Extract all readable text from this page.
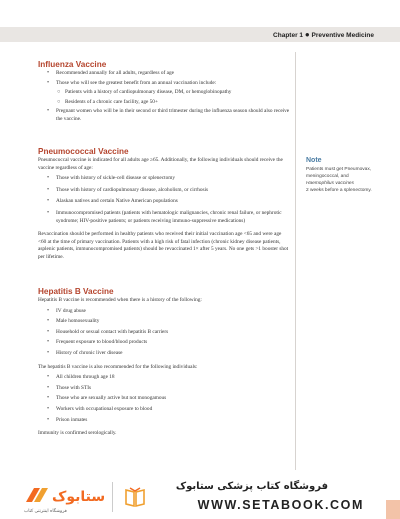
Chapter 1 ● Preventive Medicine
Influenza Vaccine
• Recommended annually for all adults, regardless of age
• Those who will see the greatest benefit from an annual vaccination include:
○ Patients with a history of cardiopulmonary disease, DM, or hemoglobinopathy
○ Residents of a chronic care facility, age 50+
• Pregnant women who will be in their second or third trimester during the influenza season should also receive the vaccine.
Pneumococcal Vaccine

Pneumococcal vaccine is indicated for all adults age ≥65. Additionally, the following individuals should receive the vaccine regardless of age:

• Those with history of sickle-cell disease or splenectomy
• Those with history of cardiopulmonary disease, alcoholism, or cirrhosis
• Alaskan natives and certain Native American populations
• Immunocompromised patients (patients with hematologic malignancies, chronic renal failure, or nephrotic syndrome; HIV-positive patients; or patients receiving immuno-suppressive medications)

Revaccination should be performed in healthy patients who received their initial vaccination age <65 and were age <60 at the time of primary vaccination. Patients with a high risk of fatal infection (chronic kidney disease patients, asplenic patients, immunocompromised patients) should be revaccinated 1× after 5 years. No one gets >1 booster shot per lifetime.

Hepatitis B Vaccine

Hepatitis B vaccine is recommended when there is a history of the following:

• IV drug abuse
• Male homosexuality
• Household or sexual contact with hepatitis B carriers
• Frequent exposure to blood/blood products
• History of chronic liver disease

The hepatitis B vaccine is also recommended for the following individuals:

• All children through age 18
• Those with STIs
• Those who are sexually active but not monogamous
• Workers with occupational exposure to blood
• Prison inmates

Immunity is confirmed serologically.

Note

Patients must get Pneumovax,
meningococcal, and
Haemophilus vaccines
2 weeks before a splenectomy.

ستابوک
فروشگاه اینترنتی کتاب
فروشگاه کتاب پزشکی ستابوک
WWW.SETABOOK.COM
